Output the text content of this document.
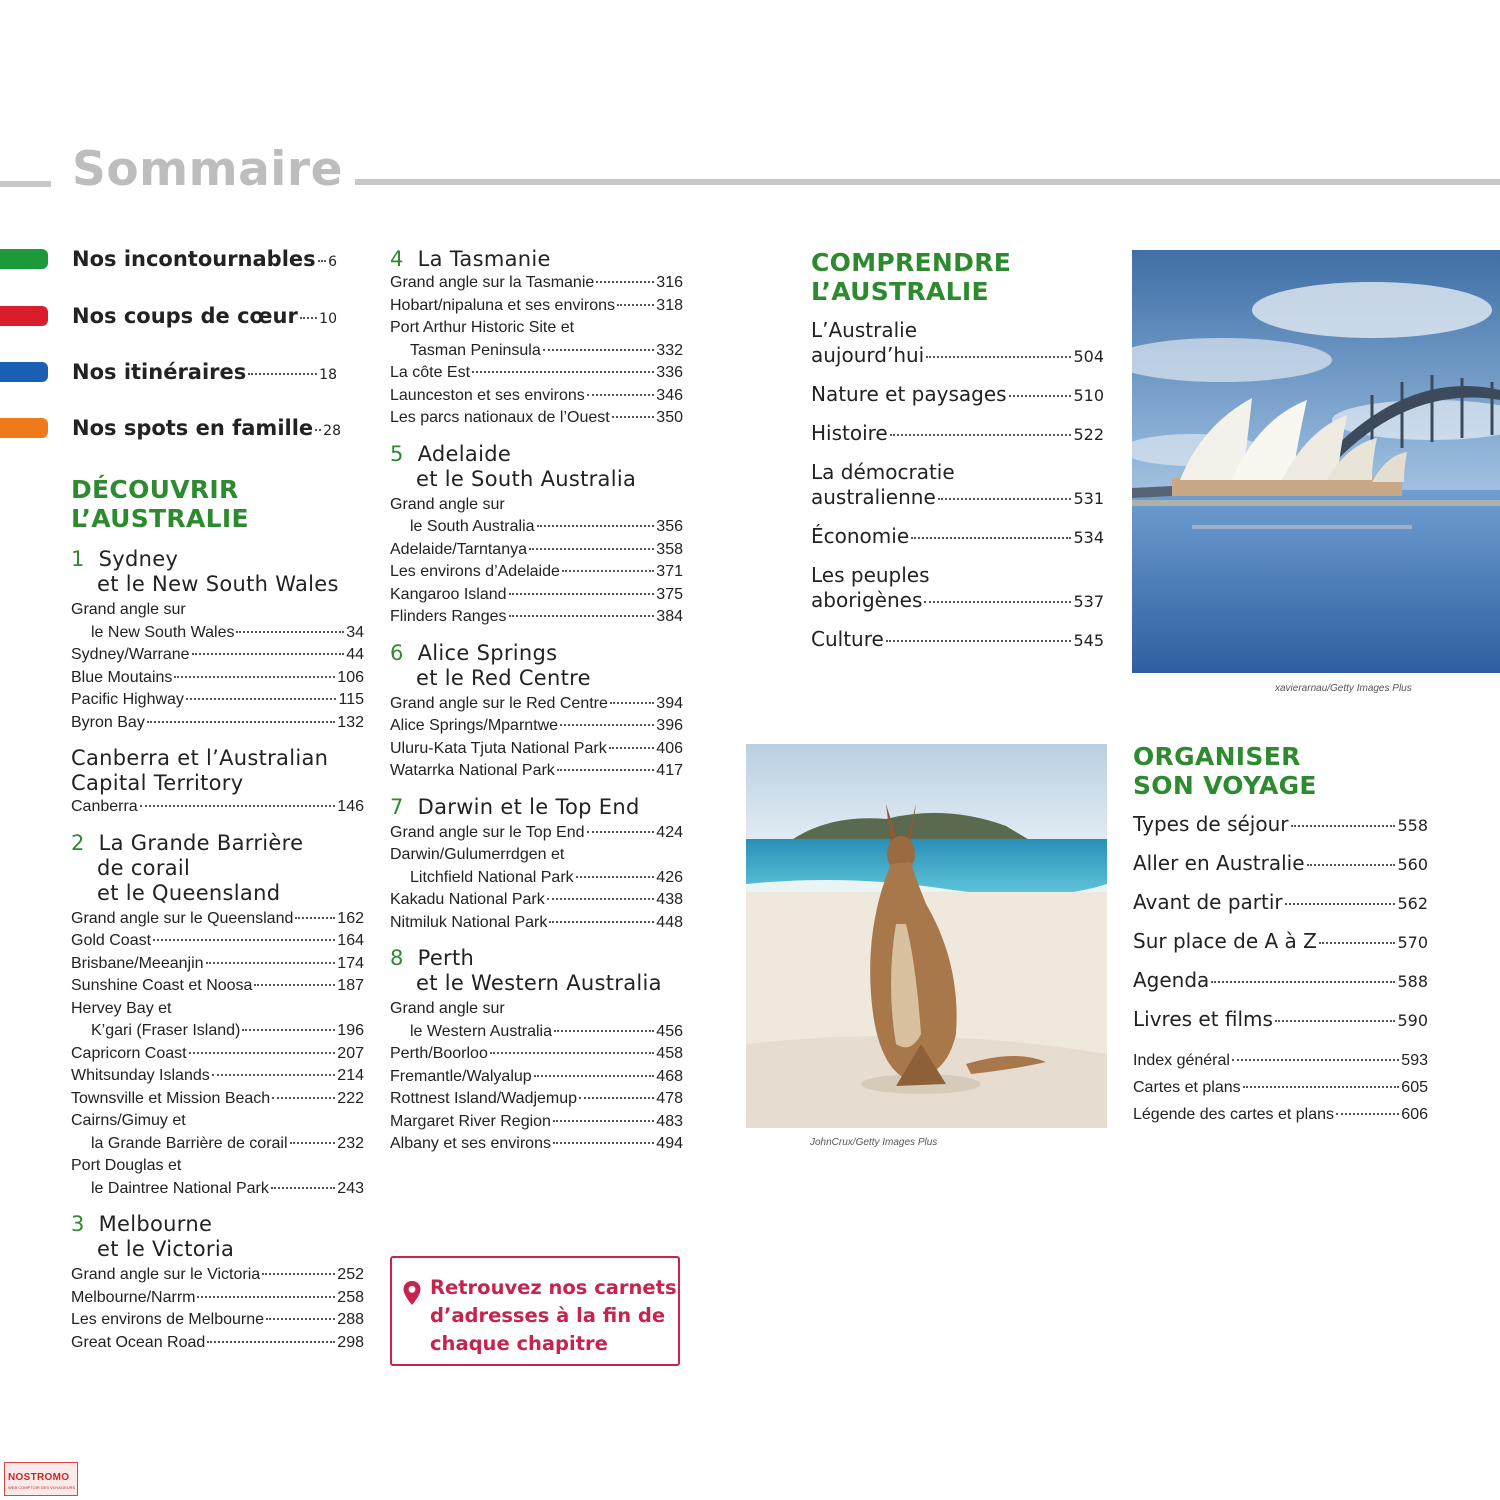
Sommaire
Nos incontournables 6
Nos coups de cœur 10
Nos itinéraires	18
Nos spots en famille 28
DÉCOUVRIR
L’AUSTRALIE
1 Sydney
et le New South Wales
Grand angle sur
le New South Wales	34
Sydney/Warrane	44
Blue Moutains	106
Pacific Highway	115
Byron Bay	132
Canberra et l’Australian
Capital Territory
Canberra	146
2 La Grande Barrière
de corail
et le Queensland
Grand angle sur le Queensland	162
Gold Coast	164
Brisbane/Meeanjin	174
Sunshine Coast et Noosa	187
Hervey Bay et
K’gari (Fraser Island)	196
Capricorn Coast	207
Whitsunday Islands	214
Townsville et Mission Beach	222
Cairns/Gimuy et
la Grande Barrière de corail	232
Port Douglas et
le Daintree National Park	243
3 Melbourne
et le Victoria
Grand angle sur le Victoria	252
Melbourne/Narrm	258
Les environs de Melbourne	288
Great Ocean Road	298
4 La Tasmanie
Grand angle sur la Tasmanie	316
Hobart/nipaluna et ses environs	318
Port Arthur Historic Site et
Tasman Peninsula	332
La côte Est	336
Launceston et ses environs	346
Les parcs nationaux de l’Ouest	350
5 Adelaide
et le South Australia
Grand angle sur
le South Australia	356
Adelaide/Tarntanya	358
Les environs d’Adelaide	371
Kangaroo Island	375
Flinders Ranges	384
6 Alice Springs
et le Red Centre
Grand angle sur le Red Centre	394
Alice Springs/Mparntwe	396
Uluru-Kata Tjuta National Park	406
Watarrka National Park	417
7 Darwin et le Top End
Grand angle sur le Top End	424
Darwin/Gulumerrdgen et
Litchfield National Park	426
Kakadu National Park	438
Nitmiluk National Park	448
8 Perth
et le Western Australia
Grand angle sur
le Western Australia	456
Perth/Boorloo	458
Fremantle/Walyalup	468
Rottnest Island/Wadjemup	478
Margaret River Region	483
Albany et ses environs	494
Retrouvez nos carnets
d’adresses à la fin de
chaque chapitre
COMPRENDRE
L’AUSTRALIE
L’Australie
aujourd’hui	504
Nature et paysages	510
Histoire	522
La démocratie
australienne	531
Économie	534
Les peuples
aborigènes	537
Culture	545
xavierarnau/Getty Images Plus
JohnCrux/Getty Images Plus
ORGANISER
SON VOYAGE
Types de séjour	558
Aller en Australie	560
Avant de partir	562
Sur place de A à Z	570
Agenda	588
Livres et films	590
Index général	593
Cartes et plans	605
Légende des cartes et plans	606
NOSTROMO
WEB COMPTOIR DES VOYAGEURS
